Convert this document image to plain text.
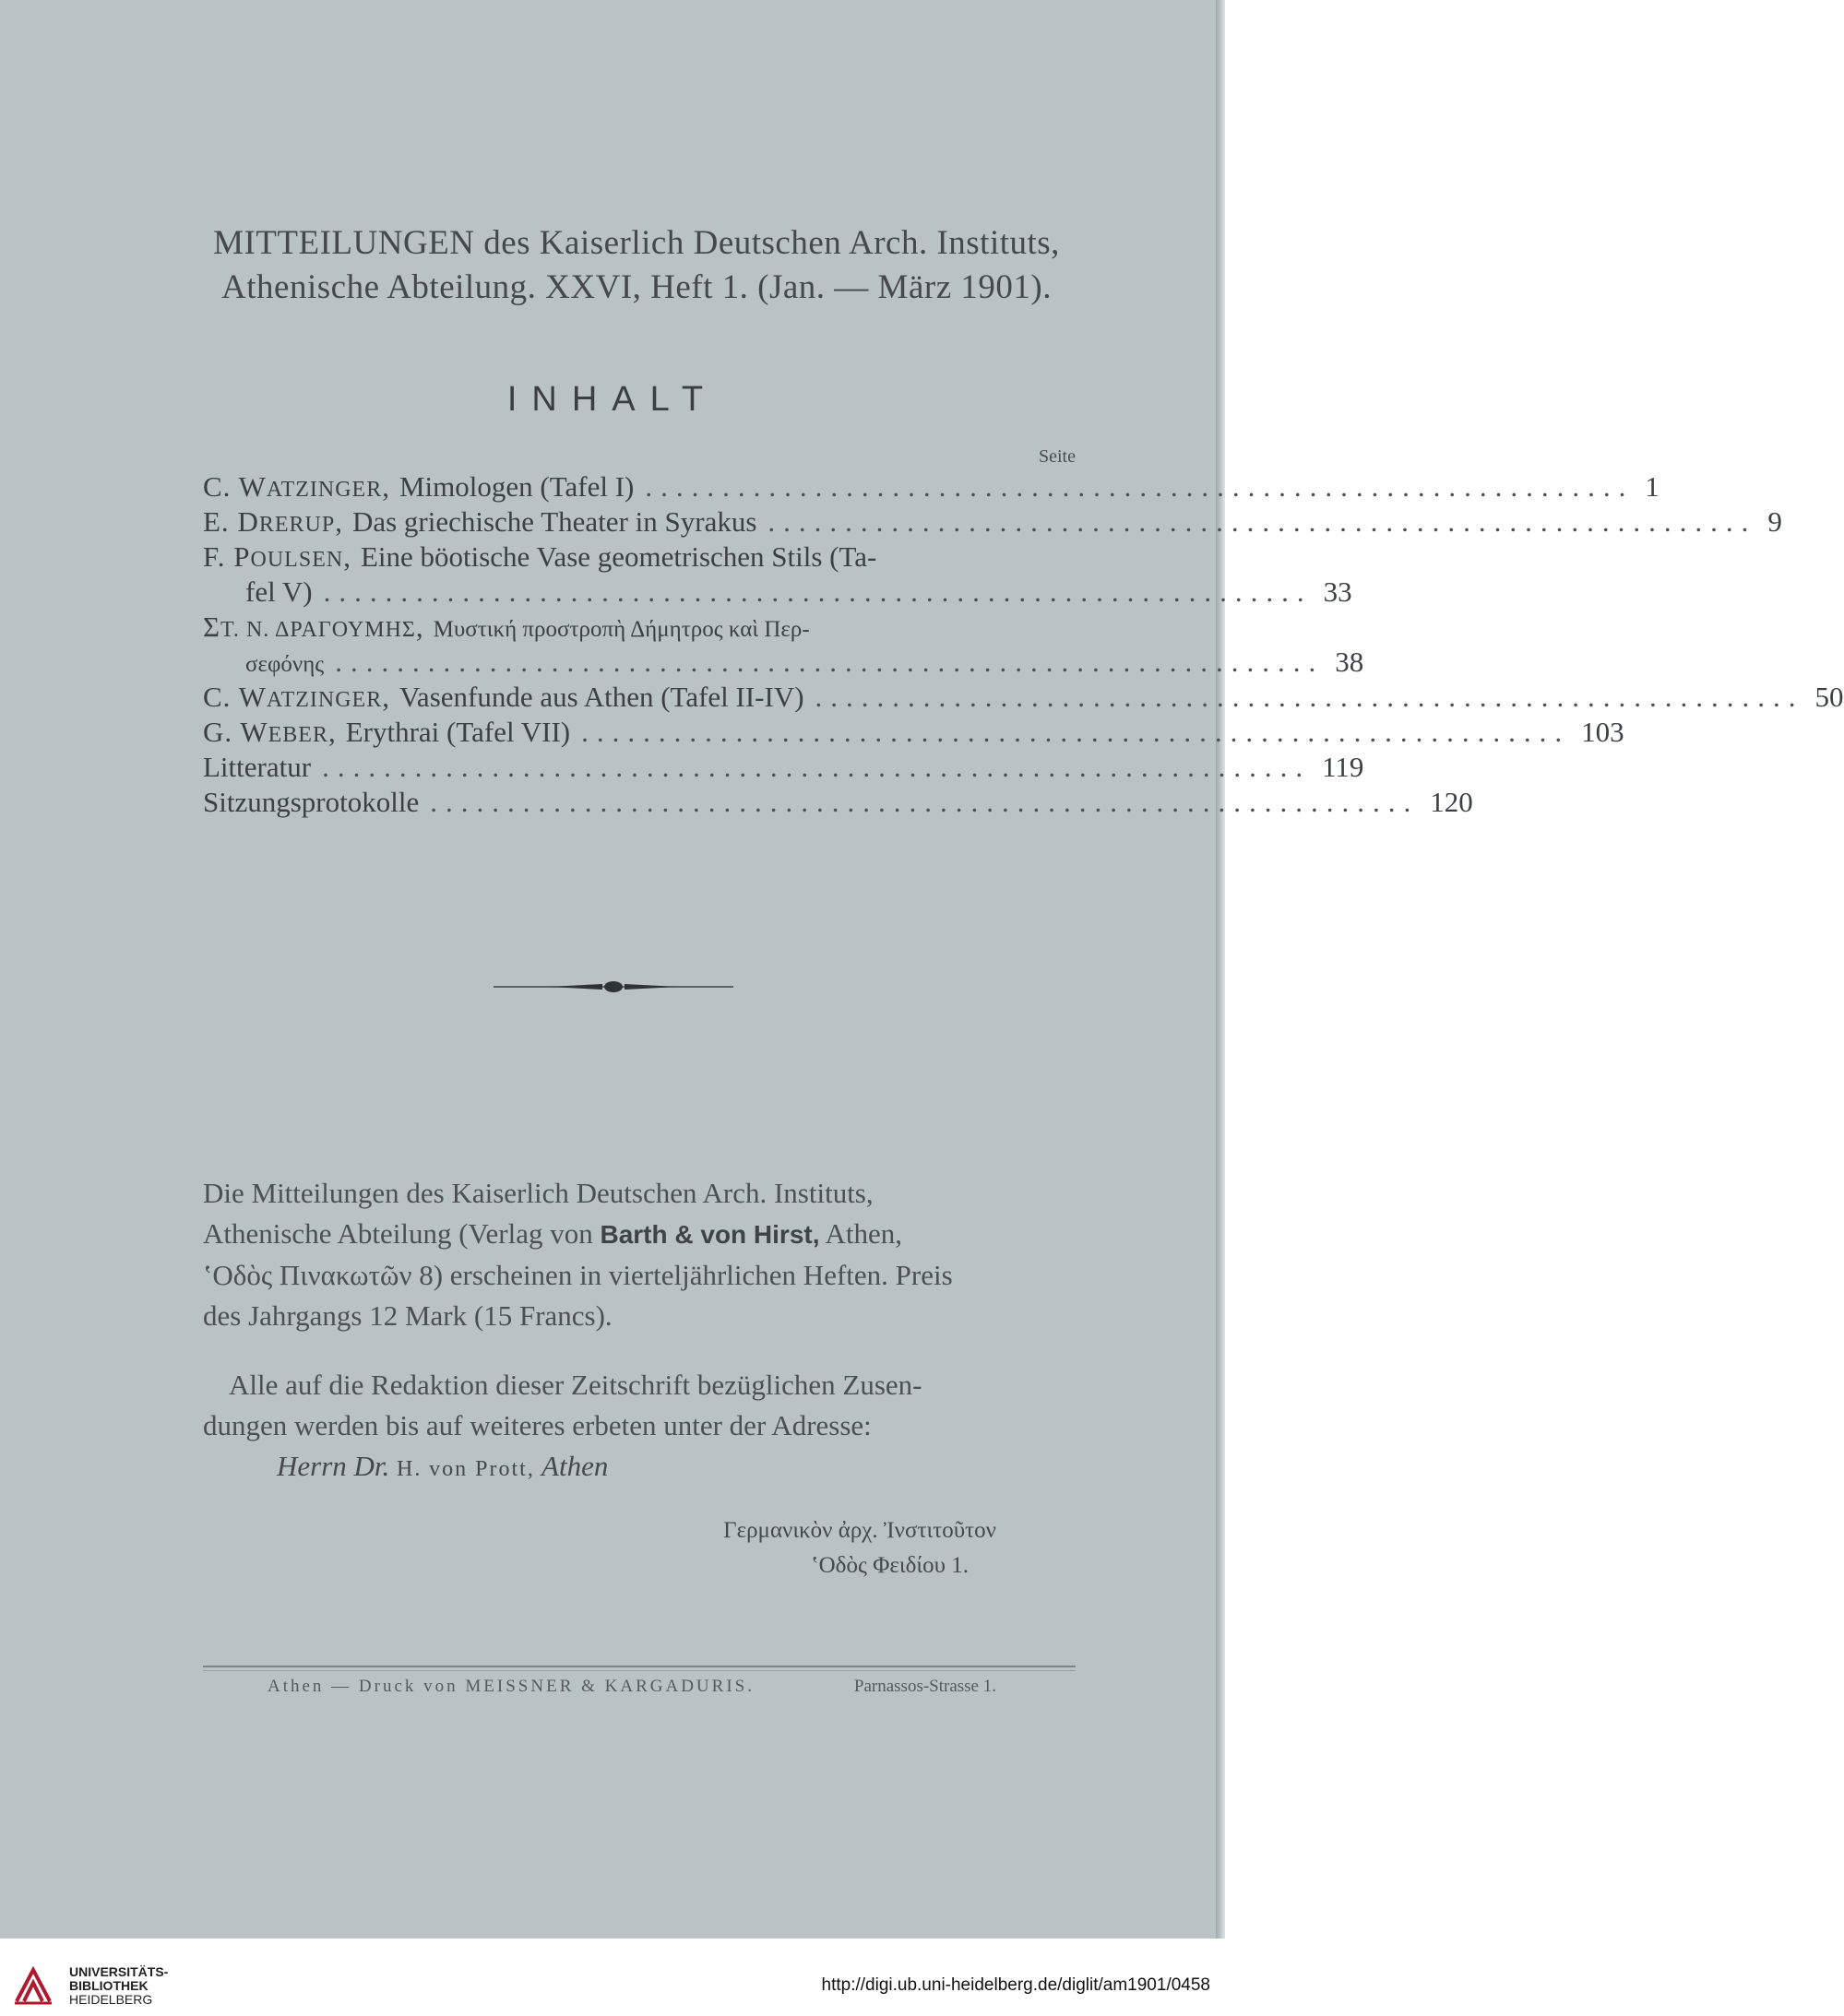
MITTEILUNGEN des Kaiserlich Deutschen Arch. Instituts,
Athenische Abteilung. XXVI, Heft 1. (Jan. — März 1901).
INHALT
Seite
C. WATZINGER, Mimologen (Tafel I) ................................................................ 1
E. DRERUP, Das griechische Theater in Syrakus ................................................................ 9
F. POULSEN, Eine böotische Vase geometrischen Stils (Ta-
fel V) ................................................................ 33
ΣΤ. Ν. ΔΡΑΓΟΥΜΗΣ, Μυστική προστροπὴ Δήμητρος καὶ Περ-
σεφόνης ................................................................ 38
C. WATZINGER, Vasenfunde aus Athen (Tafel II-IV) ................................................................ 50
G. WEBER, Erythrai (Tafel VII) ................................................................ 103
Litteratur ................................................................ 119
Sitzungsprotokolle ................................................................ 120
Die Mitteilungen des Kaiserlich Deutschen Arch. Instituts,
Athenische Abteilung (Verlag von Barth & von Hirst, Athen,
ʽΟδὸς Πινακωτῶν 8) erscheinen in vierteljährlichen Heften. Preis
des Jahrgangs 12 Mark (15 Francs).
Alle auf die Redaktion dieser Zeitschrift bezüglichen Zusen-
dungen werden bis auf weiteres erbeten unter der Adresse:
Herrn Dr. H. von Prott, Athen
Γερμανικὸν ἀρχ. Ἰνστιτοῦτον
ʽΟδὸς Φειδίου 1.
Athen — Druck von MEISSNER & KARGADURIS.	Parnassos-Strasse 1.
UNIVERSITÄTS-
BIBLIOTHEK
HEIDELBERG
http://digi.ub.uni-heidelberg.de/diglit/am1901/0458
